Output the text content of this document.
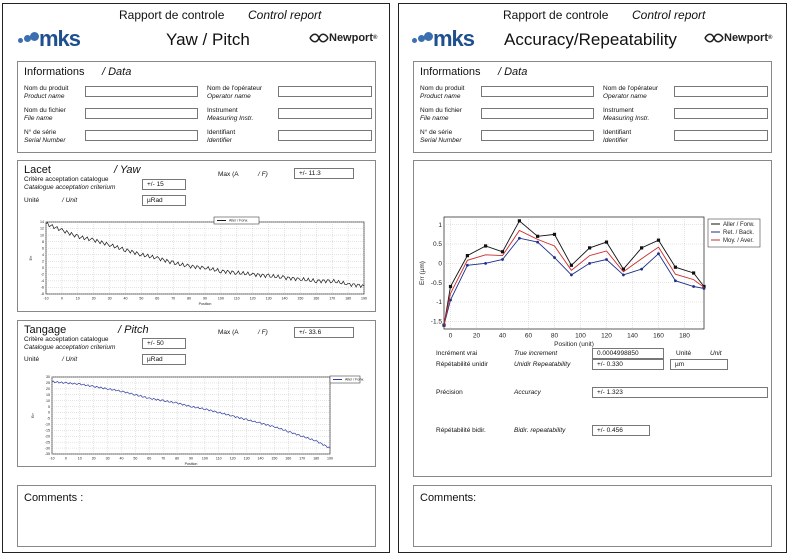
Rapport de controle Control report
mks	Yaw / Pitch	Newport ®
Informations / Data
Nom du produit
Product name
Nom de l'opérateur
Operator name
Nom du fichier
File name
Instrument
Measuring Instr.
N° de série
Serial Number
Identifiant
Identifier
Lacet	/ Yaw	Max (A	/ F)	+/- 11.3
Critère acceptation catalogue
Catalogue acceptation criterium	+/- 15
Unité	/ Unit	µRad
-10	0	10	20	30	40	50	60	70	80	90	100	110	120	130	140	150	160	170	180	190
14
12
10
8
6
4
2
0
-2
-4
-6
-8
Position
Err
Aller / Forw.
Tangage	/ Pitch	Max (A	/ F)	+/- 33.6
Critère acceptation catalogue
Catalogue acceptation criterium
+/- 50
Unité	/ Unit	µRad
-10	0	10	20	30	40	50	60	70	80	90 100 110 120 130 140 150 160 170 180 190
30
25
20
15
10
5
0
-5
-10
-15
-20
-25
-30
-35
Position
Err
Aller / Forw.
Comments :
Rapport de controle Control report
mks Accuracy/Repeatability	Newport ®
Informations / Data
Nom du produit
Product name
Nom de l'opérateur
Operator name
Nom du fichier
File name
Instrument
Measuring Instr.
N° de série
Serial Number
Identifiant
Identifier
0	20	40	60	80	100 120 140 160 180
1
0.5
0
-0.5
-1
-1.5
Position (unit)
Err (µm)
Aller / Forw.
Ret. / Back.
Moy. / Aver.
Incrément vrai	True increment	0.0004998850	Unité	Unit
Répétabilité unidir	Unidir Repeatability	+/- 0.330	µm
Précision	Accuracy	+/- 1.323
Répétabilité bidir.	Bidir. repeatability	+/- 0.456
Comments:
